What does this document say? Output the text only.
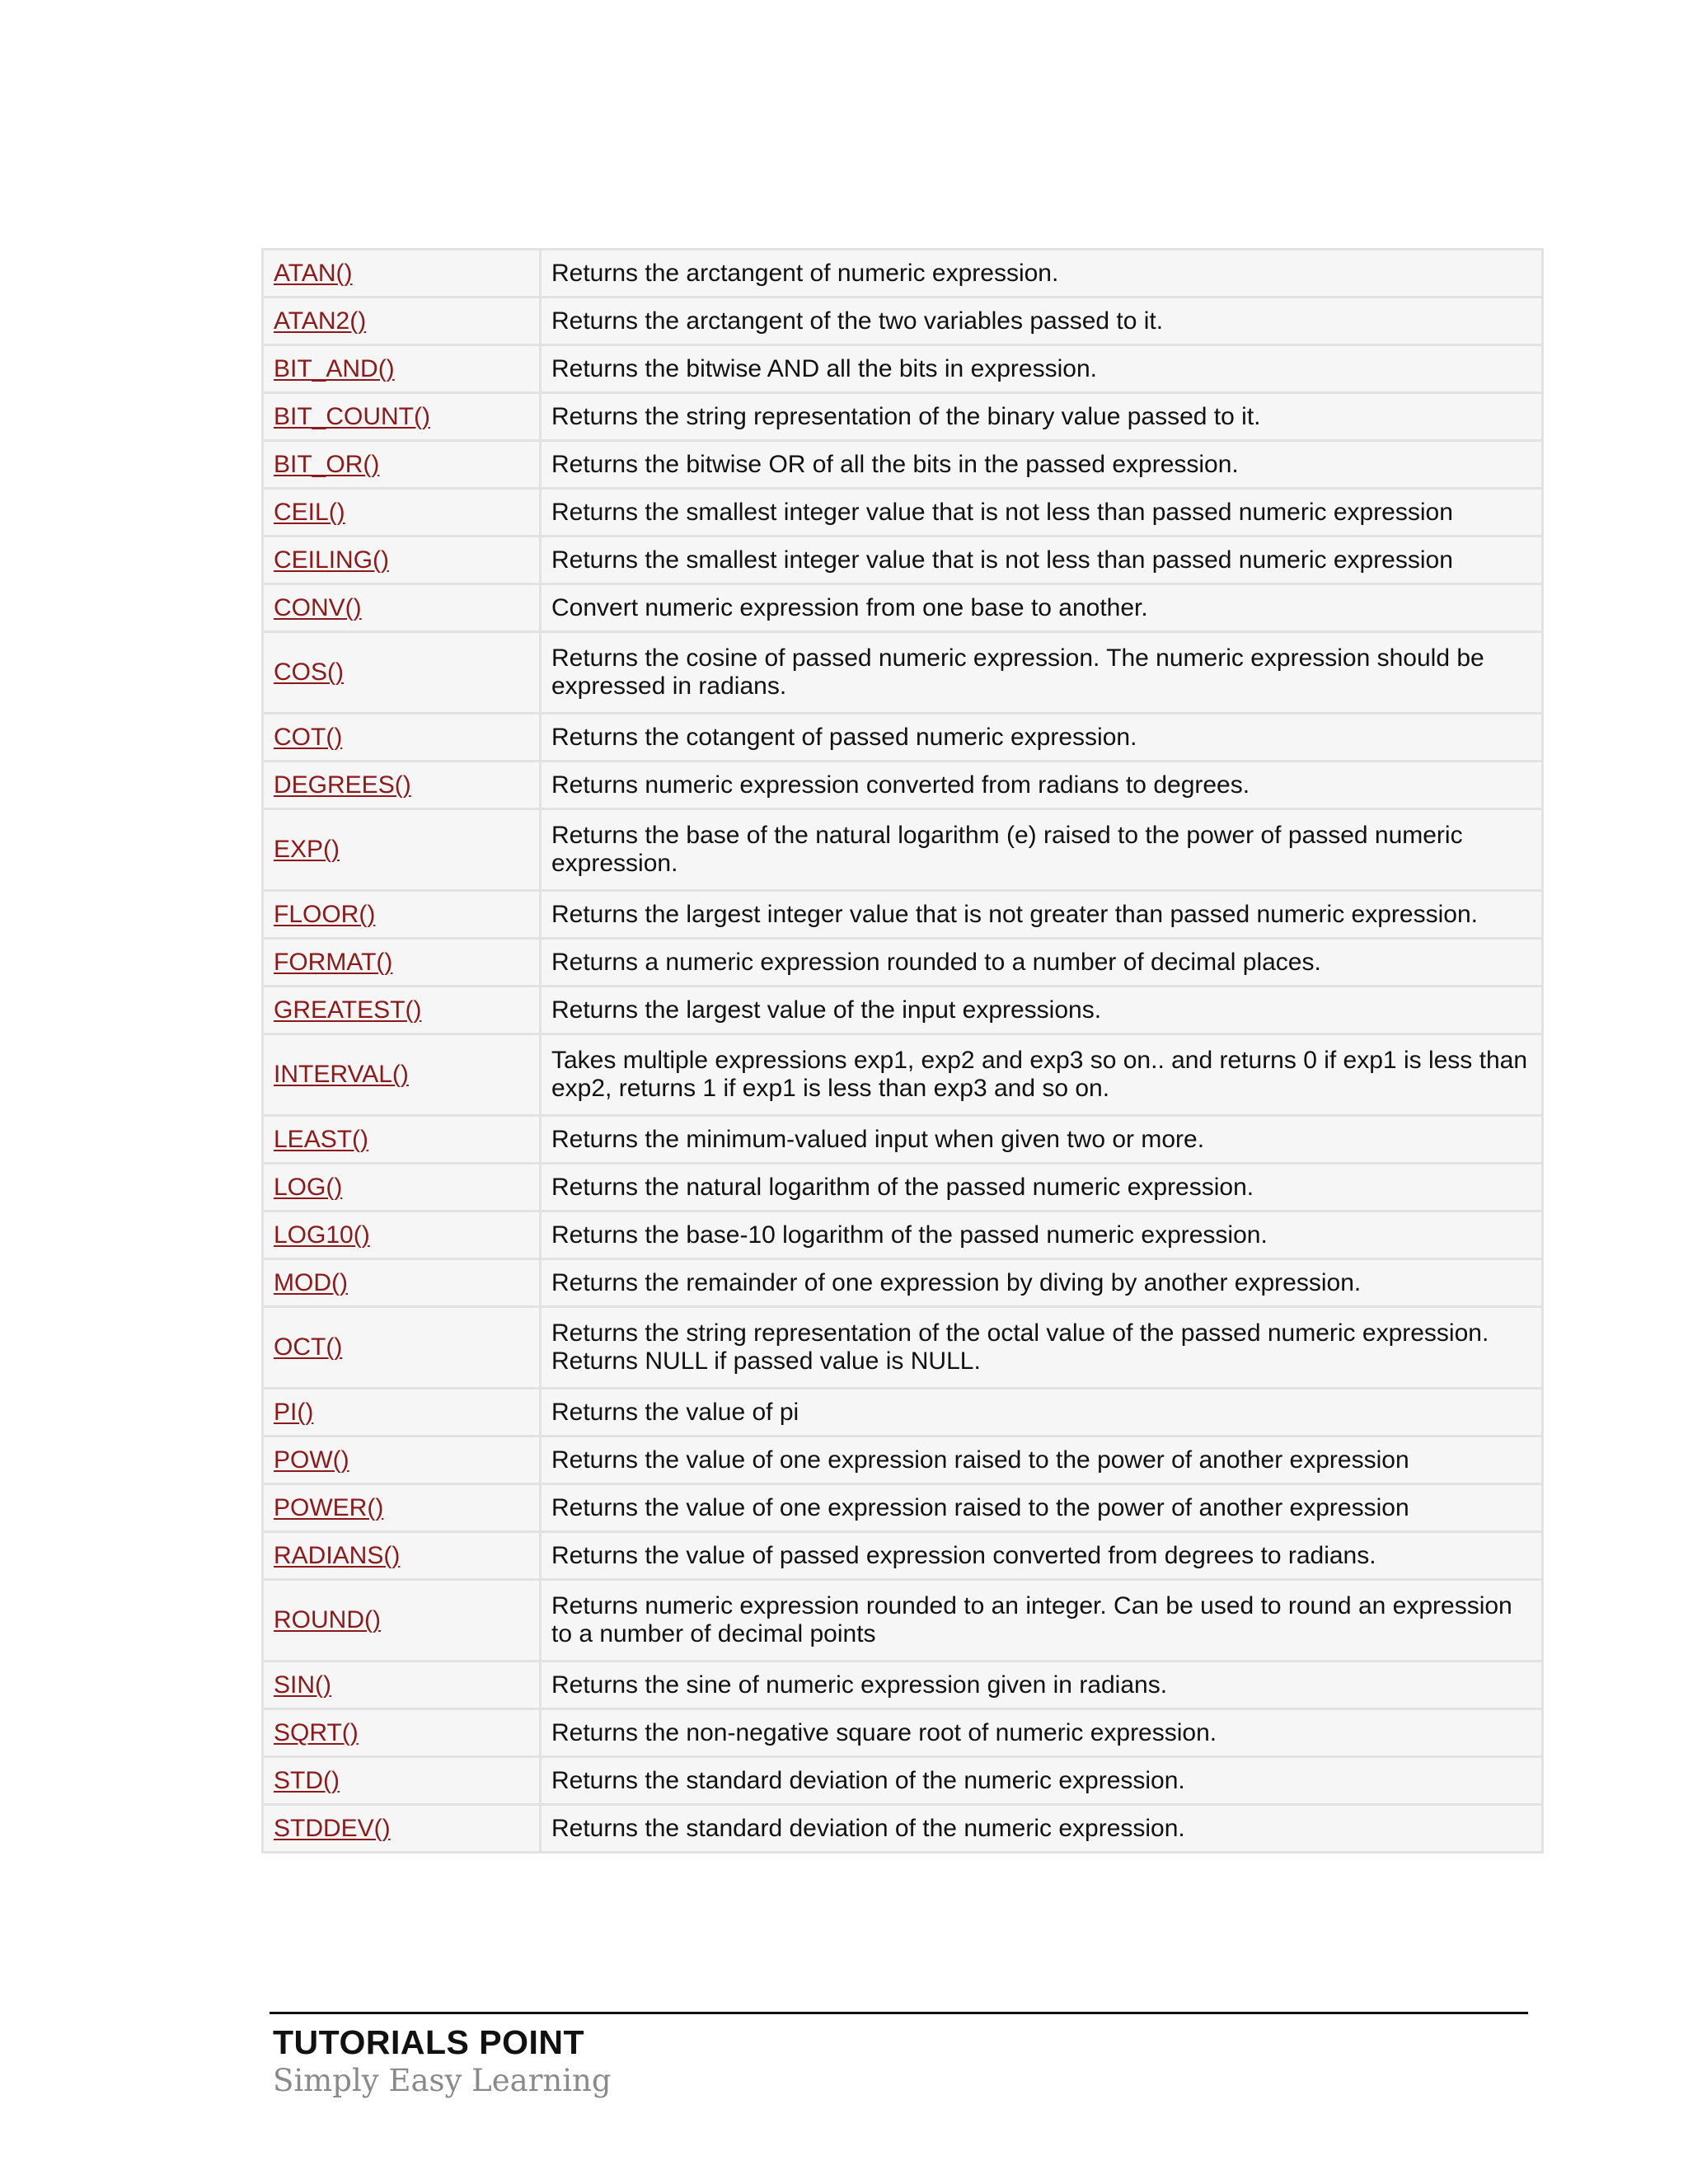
ATAN()	Returns the arctangent of numeric expression.
ATAN2()	Returns the arctangent of the two variables passed to it.
BIT_AND()	Returns the bitwise AND all the bits in expression.
BIT_COUNT()	Returns the string representation of the binary value passed to it.
BIT_OR()	Returns the bitwise OR of all the bits in the passed expression.
CEIL()	Returns the smallest integer value that is not less than passed numeric expression
CEILING()	Returns the smallest integer value that is not less than passed numeric expression
CONV()	Convert numeric expression from one base to another.
COS()	Returns the cosine of passed numeric expression. The numeric expression should be expressed in radians.
COT()	Returns the cotangent of passed numeric expression.
DEGREES()	Returns numeric expression converted from radians to degrees.
EXP()	Returns the base of the natural logarithm (e) raised to the power of passed numeric expression.
FLOOR()	Returns the largest integer value that is not greater than passed numeric expression.
FORMAT()	Returns a numeric expression rounded to a number of decimal places.
GREATEST()	Returns the largest value of the input expressions.
INTERVAL()	Takes multiple expressions exp1, exp2 and exp3 so on.. and returns 0 if exp1 is less than exp2, returns 1 if exp1 is less than exp3 and so on.
LEAST()	Returns the minimum-valued input when given two or more.
LOG()	Returns the natural logarithm of the passed numeric expression.
LOG10()	Returns the base-10 logarithm of the passed numeric expression.
MOD()	Returns the remainder of one expression by diving by another expression.
OCT()	Returns the string representation of the octal value of the passed numeric expression. Returns NULL if passed value is NULL.
PI()	Returns the value of pi
POW()	Returns the value of one expression raised to the power of another expression
POWER()	Returns the value of one expression raised to the power of another expression
RADIANS()	Returns the value of passed expression converted from degrees to radians.
ROUND()	Returns numeric expression rounded to an integer. Can be used to round an expression to a number of decimal points
SIN()	Returns the sine of numeric expression given in radians.
SQRT()	Returns the non-negative square root of numeric expression.
STD()	Returns the standard deviation of the numeric expression.
STDDEV()	Returns the standard deviation of the numeric expression.
TUTORIALS POINT
Simply Easy Learning
